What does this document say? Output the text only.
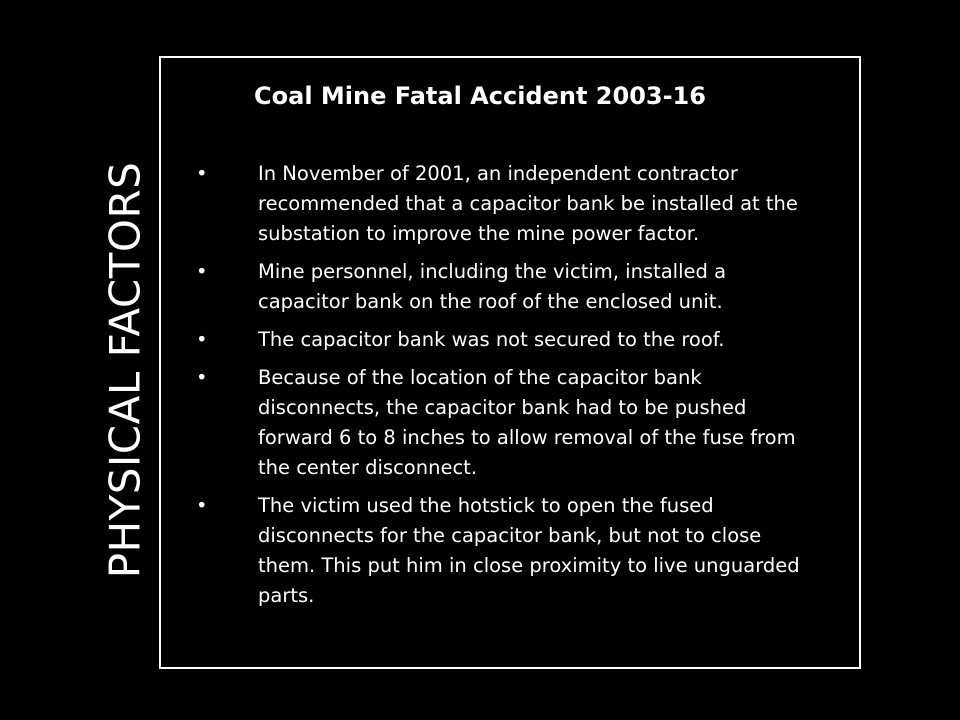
PHYSICAL FACTORS
Coal Mine Fatal Accident 2003-16
•	In November of 2001, an independent contractor recommended that a capacitor bank be installed at the substation to improve the mine power factor.
•	Mine personnel, including the victim, installed a capacitor bank on the roof of the enclosed unit.
•	The capacitor bank was not secured to the roof.
•	Because of the location of the capacitor bank disconnects, the capacitor bank had to be pushed forward 6 to 8 inches to allow removal of the fuse from the center disconnect.
•	The victim used the hotstick to open the fused disconnects for the capacitor bank, but not to close them. This put him in close proximity to live unguarded parts.
